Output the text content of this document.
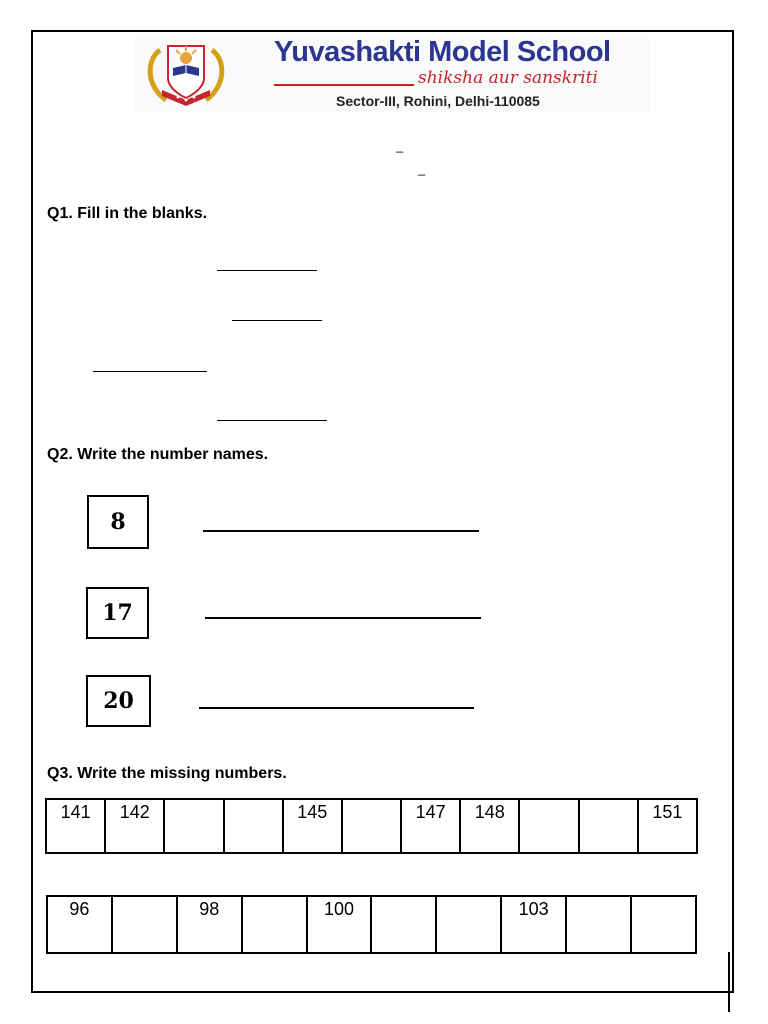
Yuvashakti Model School
shiksha aur sanskriti
Sector-III, Rohini, Delhi-110085
_
_
Q1. Fill in the blanks.
Q2. Write the number names.
8
17
20
Q3. Write the missing numbers.
141	142			145		147	148			151
96		98		100			103		
